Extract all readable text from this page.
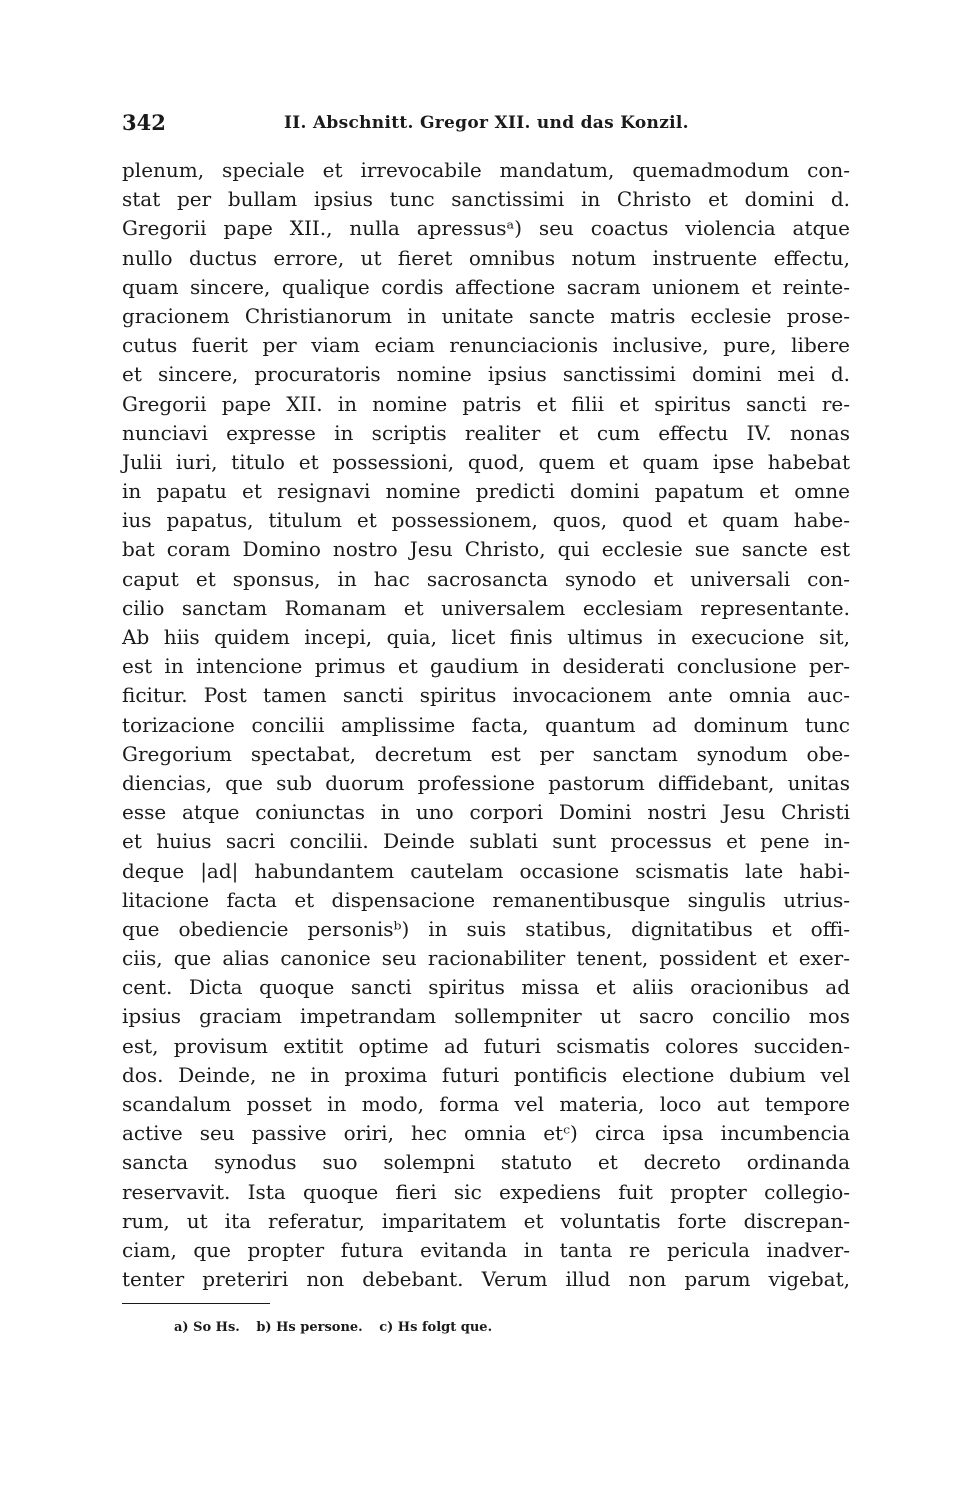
342	II. Abschnitt. Gregor XII. und das Konzil.
plenum, speciale et irrevocabile mandatum, quemadmodum con-
stat per bullam ipsius tunc sanctissimi in Christo et domini d.
Gregorii pape XII., nulla apressusᵃ) seu coactus violencia atque
nullo ductus errore, ut fieret omnibus notum instruente effectu,
quam sincere, qualique cordis affectione sacram unionem et reinte-
gracionem Christianorum in unitate sancte matris ecclesie prose-
cutus fuerit per viam eciam renunciacionis inclusive, pure, libere
et sincere, procuratoris nomine ipsius sanctissimi domini mei d.
Gregorii pape XII. in nomine patris et filii et spiritus sancti re-
nunciavi expresse in scriptis realiter et cum effectu IV. nonas
Julii iuri, titulo et possessioni, quod, quem et quam ipse habebat
in papatu et resignavi nomine predicti domini papatum et omne
ius papatus, titulum et possessionem, quos, quod et quam habe-
bat coram Domino nostro Jesu Christo, qui ecclesie sue sancte est
caput et sponsus, in hac sacrosancta synodo et universali con-
cilio sanctam Romanam et universalem ecclesiam representante.
Ab hiis quidem incepi, quia, licet finis ultimus in execucione sit,
est in intencione primus et gaudium in desiderati conclusione per-
ficitur. Post tamen sancti spiritus invocacionem ante omnia auc-
torizacione concilii amplissime facta, quantum ad dominum tunc
Gregorium spectabat, decretum est per sanctam synodum obe-
diencias, que sub duorum professione pastorum diffidebant, unitas
esse atque coniunctas in uno corpori Domini nostri Jesu Christi
et huius sacri concilii. Deinde sublati sunt processus et pene in-
deque |ad| habundantem cautelam occasione scismatis late habi-
litacione facta et dispensacione remanentibusque singulis utrius-
que obediencie personisᵇ) in suis statibus, dignitatibus et offi-
ciis, que alias canonice seu racionabiliter tenent, possident et exer-
cent. Dicta quoque sancti spiritus missa et aliis oracionibus ad
ipsius graciam impetrandam sollempniter ut sacro concilio mos
est, provisum extitit optime ad futuri scismatis colores succiden-
dos. Deinde, ne in proxima futuri pontificis electione dubium vel
scandalum posset in modo, forma vel materia, loco aut tempore
active seu passive oriri, hec omnia etᶜ) circa ipsa incumbencia
sancta synodus suo solempni statuto et decreto ordinanda
reservavit. Ista quoque fieri sic expediens fuit propter collegio-
rum, ut ita referatur, imparitatem et voluntatis forte discrepan-
ciam, que propter futura evitanda in tanta re pericula inadver-
tenter preteriri non debebant. Verum illud non parum vigebat,
a) So Hs. b) Hs persone. c) Hs folgt que.
